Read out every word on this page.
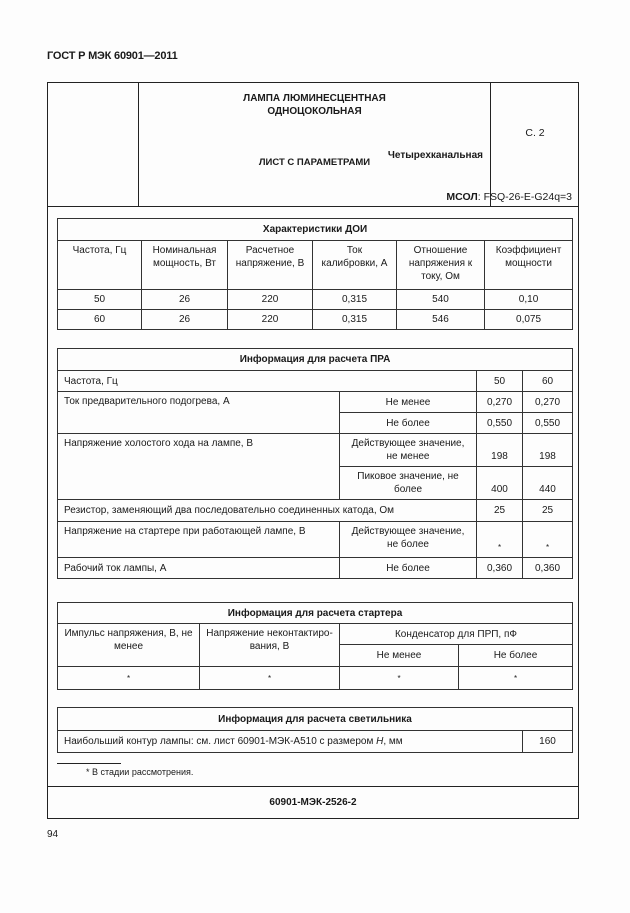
ГОСТ Р МЭК 60901—2011
ЛАМПА ЛЮМИНЕСЦЕНТНАЯ
ОДНОЦОКОЛЬНАЯ
ЛИСТ С ПАРАМЕТРАМИ
Четырехканальная
С. 2
МСОЛ: FSQ-26-E-G24q=3
Характеристики ДОИ					
Частота, Гц	Номинальная мощность, Вт	Расчетное напряжение, В	Ток калибровки, А	Отношение напряжения к току, Ом	Коэффициент мощности
50	26	220	0,315	540	0,10
60	26	220	0,315	546	0,075
Информация для расчета ПРА			
Частота, Гц		50	60
Ток предварительного подогрева, А	Не менее	0,270	0,270
	Не более	0,550	0,550
Напряжение холостого хода на лампе, В	Действующее значение, не менее	198	198
	Пиковое значение, не более	400	440
Резистор, заменяющий два последовательно соединенных катода, Ом		25	25
Напряжение на стартере при работающей лампе, В	Действующее значение, не более	*	*
Рабочий ток лампы, А	Не более	0,360	0,360
Информация для расчета стартера			
Импульс напряжения, В, не менее	Напряжение неконтактиро-вания, В	Конденсатор для ПРП, пФ	
		Не менее	Не более
*	*	*	*
Информация для расчета светильника
Наибольший контур лампы: см. лист 60901-МЭК-А510 с размером H, мм	160
* В стадии рассмотрения.
60901-МЭК-2526-2
94
